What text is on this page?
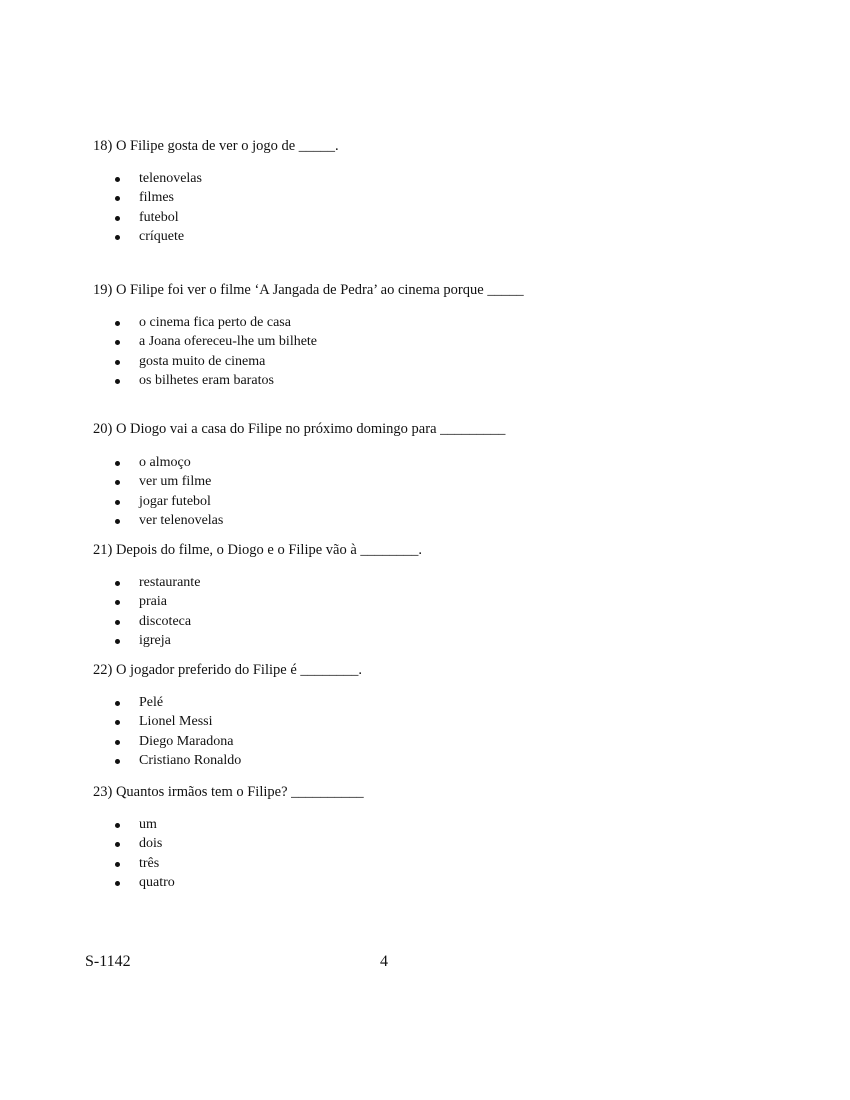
18) O Filipe gosta de ver o jogo de _____.

telenovelas
filmes
futebol
críquete

19) O Filipe foi ver o filme ‘A Jangada de Pedra’ ao cinema porque _____

o cinema fica perto de casa
a Joana ofereceu-lhe um bilhete
gosta muito de cinema
os bilhetes eram baratos

20) O Diogo vai a casa do Filipe no próximo domingo para _________

o almoço
ver um filme
jogar futebol
ver telenovelas

21) Depois do filme, o Diogo e o Filipe vão à ________.

restaurante
praia
discoteca
igreja

22) O jogador preferido do Filipe é ________.

Pelé
Lionel Messi
Diego Maradona
Cristiano Ronaldo

23) Quantos irmãos tem o Filipe? __________

um
dois
três
quatro
S-1142	4
